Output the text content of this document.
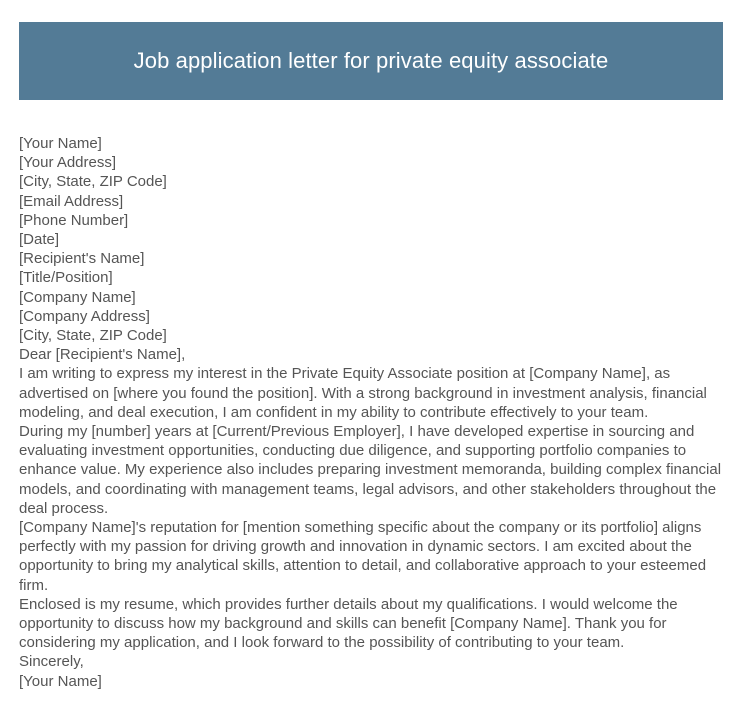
Job application letter for private equity associate

[Your Name]

[Your Address]

[City, State, ZIP Code]

[Email Address]

[Phone Number]

[Date]

[Recipient's Name]

[Title/Position]

[Company Name]

[Company Address]

[City, State, ZIP Code]

Dear [Recipient's Name],

I am writing to express my interest in the Private Equity Associate position at [Company Name], as advertised on [where you found the position]. With a strong background in investment analysis, financial modeling, and deal execution, I am confident in my ability to contribute effectively to your team.

During my [number] years at [Current/Previous Employer], I have developed expertise in sourcing and evaluating investment opportunities, conducting due diligence, and supporting portfolio companies to enhance value. My experience also includes preparing investment memoranda, building complex financial models, and coordinating with management teams, legal advisors, and other stakeholders throughout the deal process.

[Company Name]'s reputation for [mention something specific about the company or its portfolio] aligns perfectly with my passion for driving growth and innovation in dynamic sectors. I am excited about the opportunity to bring my analytical skills, attention to detail, and collaborative approach to your esteemed firm.

Enclosed is my resume, which provides further details about my qualifications. I would welcome the opportunity to discuss how my background and skills can benefit [Company Name]. Thank you for considering my application, and I look forward to the possibility of contributing to your team.

Sincerely,

[Your Name]
